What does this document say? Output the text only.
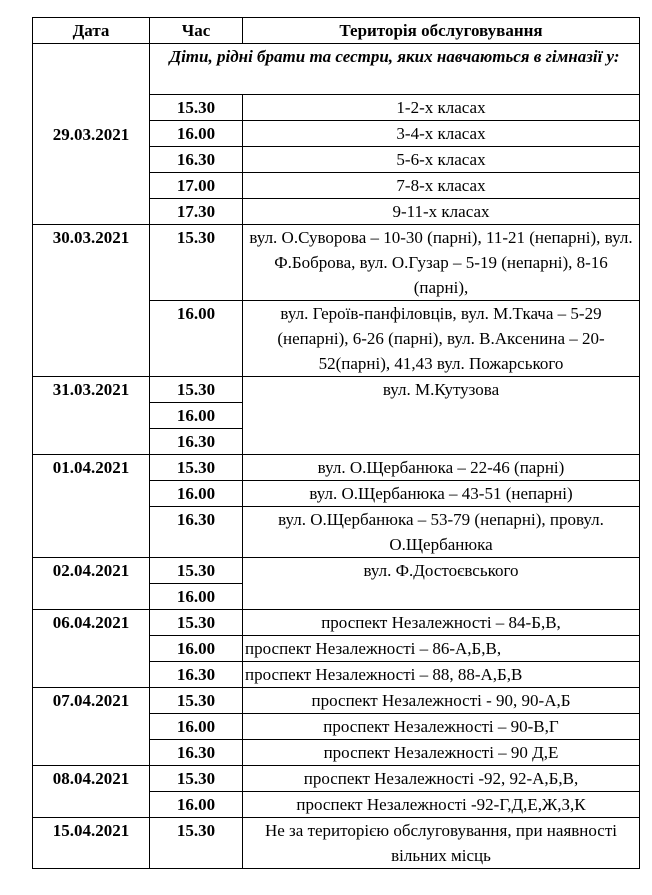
Дата	Час	Територія обслуговування
29.03.2021	Діти, рідні брати та сестри, яких навчаються в гімназії у:	
	15.30	1-2-х класах
	16.00	3-4-х класах
	16.30	5-6-х класах
	17.00	7-8-х класах
	17.30	9-11-х класах
30.03.2021	15.30	вул. О.Суворова – 10-30 (парні), 11-21 (непарні), вул. Ф.Боброва, вул. О.Гузар – 5-19 (непарні), 8-16 (парні),
	16.00	вул. Героїв-панфіловців, вул. М.Ткача – 5-29 (непарні), 6-26 (парні), вул. В.Аксенина – 20-52(парні), 41,43 вул. Пожарського
31.03.2021	15.30	вул. М.Кутузова
	16.00	
	16.30	
01.04.2021	15.30	вул. О.Щербанюка – 22-46 (парні)
	16.00	вул. О.Щербанюка – 43-51 (непарні)
	16.30	вул. О.Щербанюка – 53-79 (непарні), провул. О.Щербанюка
02.04.2021	15.30	вул. Ф.Достоєвського
	16.00	
06.04.2021	15.30	проспект Незалежності – 84-Б,В,
	16.00	проспект Незалежності – 86-А,Б,В,
	16.30	проспект Незалежності – 88, 88-А,Б,В
07.04.2021	15.30	проспект Незалежності - 90, 90-А,Б
	16.00	проспект Незалежності – 90-В,Г
	16.30	проспект Незалежності – 90 Д,Е
08.04.2021	15.30	проспект Незалежності -92, 92-А,Б,В,
	16.00	проспект Незалежності -92-Г,Д,Е,Ж,З,К
15.04.2021	15.30	Не за територією обслуговування, при наявності вільних місць
